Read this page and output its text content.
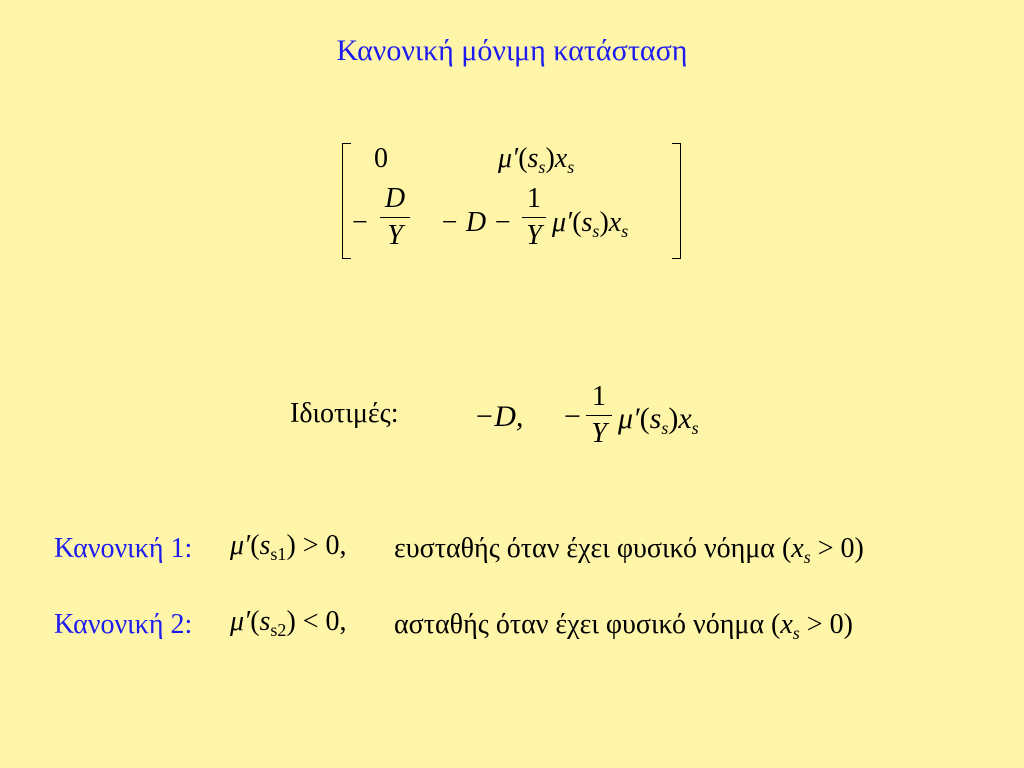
Κανονική μόνιμη κατάσταση
0	$\mu'(s_s)x_s$
−
D
Y − D −
1
Y $\mu'(s_s)x_s$
Ιδιοτιμές:	−D, −
1
Y $\mu'(s_s)x_s$
Κανονική 1: $\mu'(s_{s1}) > 0$, ευσταθής όταν έχει φυσικό νόημα $(x_s > 0)$
Κανονική 2: $\mu'(s_{s2}) < 0$, ασταθής όταν έχει φυσικό νόημα $(x_s > 0)$
